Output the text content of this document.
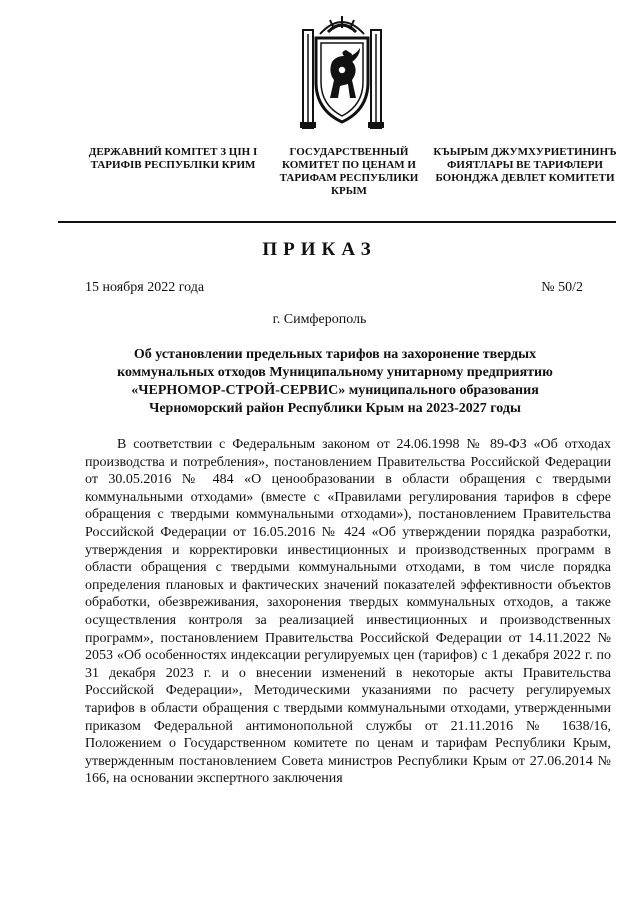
ДЕРЖАВНИЙ КОМІТЕТ З ЦІН І ТАРИФІВ РЕСПУБЛІКИ КРИМ
ГОСУДАРСТВЕННЫЙ КОМИТЕТ ПО ЦЕНАМ И ТАРИФАМ РЕСПУБЛИКИ КРЫМ
КЪЫРЫМ ДЖУМХУРИЕТИНИНЪ ФИЯТЛАРЫ ВЕ ТАРИФЛЕРИ БОЮНДЖА ДЕВЛЕТ КОМИТЕТИ
ПРИКАЗ
15 ноября 2022 года	№ 50/2
г. Симферополь
Об установлении предельных тарифов на захоронение твердых коммунальных отходов Муниципальному унитарному предприятию «ЧЕРНОМОР-СТРОЙ-СЕРВИС» муниципального образования Черноморский район Республики Крым на 2023-2027 годы

В соответствии с Федеральным законом от 24.06.1998 № 89-ФЗ «Об отходах производства и потребления», постановлением Правительства Российской Федерации от 30.05.2016 № 484 «О ценообразовании в области обращения с твердыми коммунальными отходами» (вместе с «Правилами регулирования тарифов в сфере обращения с твердыми коммунальными отходами»), постановлением Правительства Российской Федерации от 16.05.2016 № 424 «Об утверждении порядка разработки, утверждения и корректировки инвестиционных и производственных программ в области обращения с твердыми коммунальными отходами, в том числе порядка определения плановых и фактических значений показателей эффективности объектов обработки, обезвреживания, захоронения твердых коммунальных отходов, а также осуществления контроля за реализацией инвестиционных и производственных программ», постановлением Правительства Российской Федерации от 14.11.2022 № 2053 «Об особенностях индексации регулируемых цен (тарифов) с 1 декабря 2022 г. по 31 декабря 2023 г. и о внесении изменений в некоторые акты Правительства Российской Федерации», Методическими указаниями по расчету регулируемых тарифов в области обращения с твердыми коммунальными отходами, утвержденными приказом Федеральной антимонопольной службы от 21.11.2016 № 1638/16, Положением о Государственном комитете по ценам и тарифам Республики Крым, утвержденным постановлением Совета министров Республики Крым от 27.06.2014 № 166, на основании экспертного заключения
